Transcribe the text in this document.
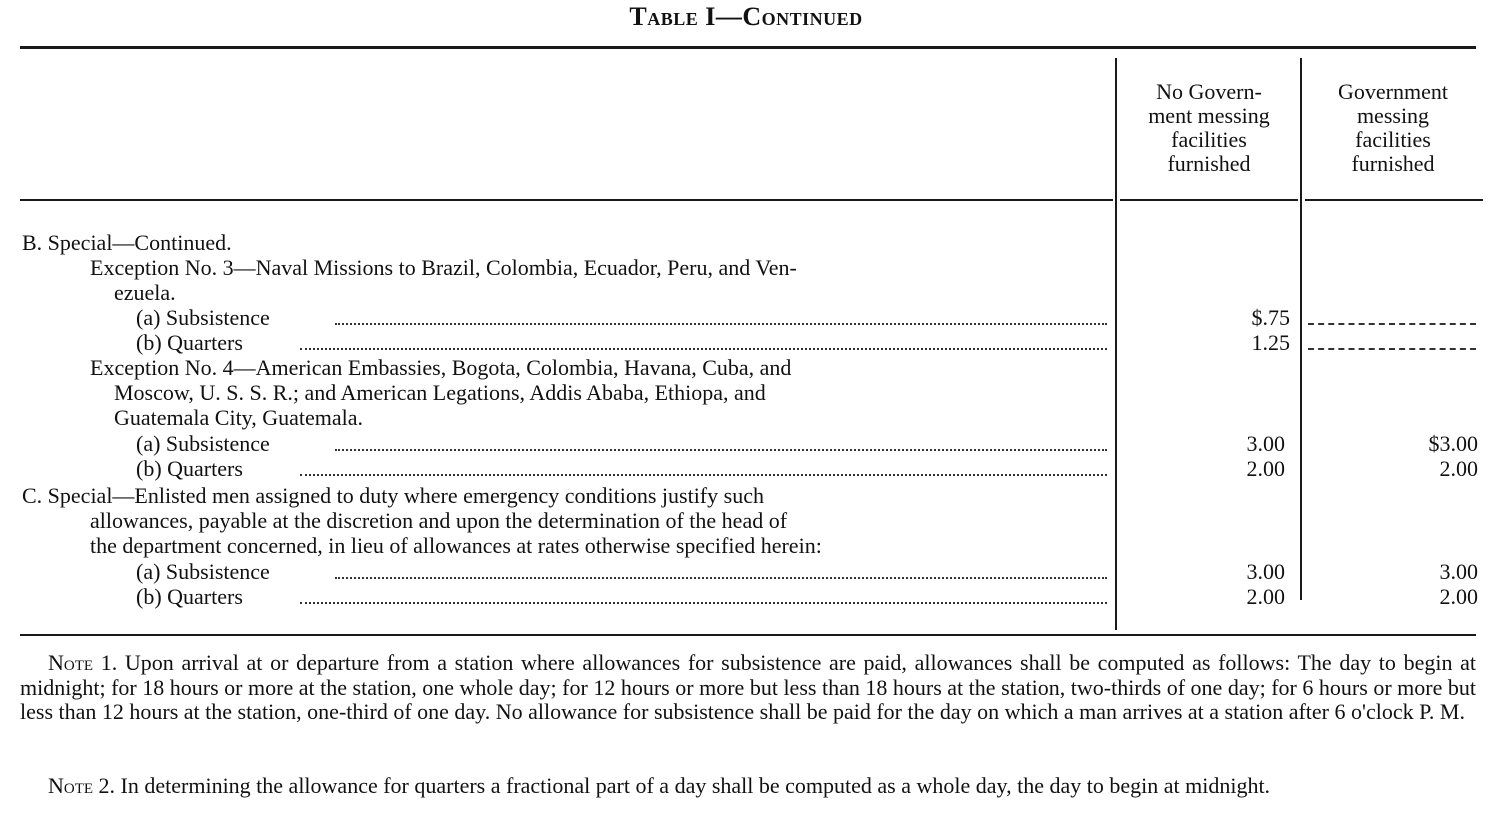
Table I—Continued
No Govern-
ment messing
facilities
furnished
Government
messing
facilities
furnished
B. Special—Continued.
Exception No. 3—Naval Missions to Brazil, Colombia, Ecuador, Peru, and Ven-
ezuela.
(a) Subsistence	$.75
(b) Quarters	1.25
Exception No. 4—American Embassies, Bogota, Colombia, Havana, Cuba, and
Moscow, U. S. S. R.; and American Legations, Addis Ababa, Ethiopa, and
Guatemala City, Guatemala.
(a) Subsistence	3.00	$3.00
(b) Quarters	2.00	2.00
C. Special—Enlisted men assigned to duty where emergency conditions justify such
allowances, payable at the discretion and upon the determination of the head of
the department concerned, in lieu of allowances at rates otherwise specified herein:
(a) Subsistence	3.00	3.00
(b) Quarters	2.00	2.00
Note 1. Upon arrival at or departure from a station where allowances for subsistence are paid, allowances shall be computed as follows: The day to begin at midnight; for 18 hours or more at the station, one whole day; for 12 hours or more but less than 18 hours at the station, two-thirds of one day; for 6 hours or more but less than 12 hours at the station, one-third of one day. No allowance for subsistence shall be paid for the day on which a man arrives at a station after 6 o'clock P. M.
Note 2. In determining the allowance for quarters a fractional part of a day shall be computed as a whole day, the day to begin at midnight.
